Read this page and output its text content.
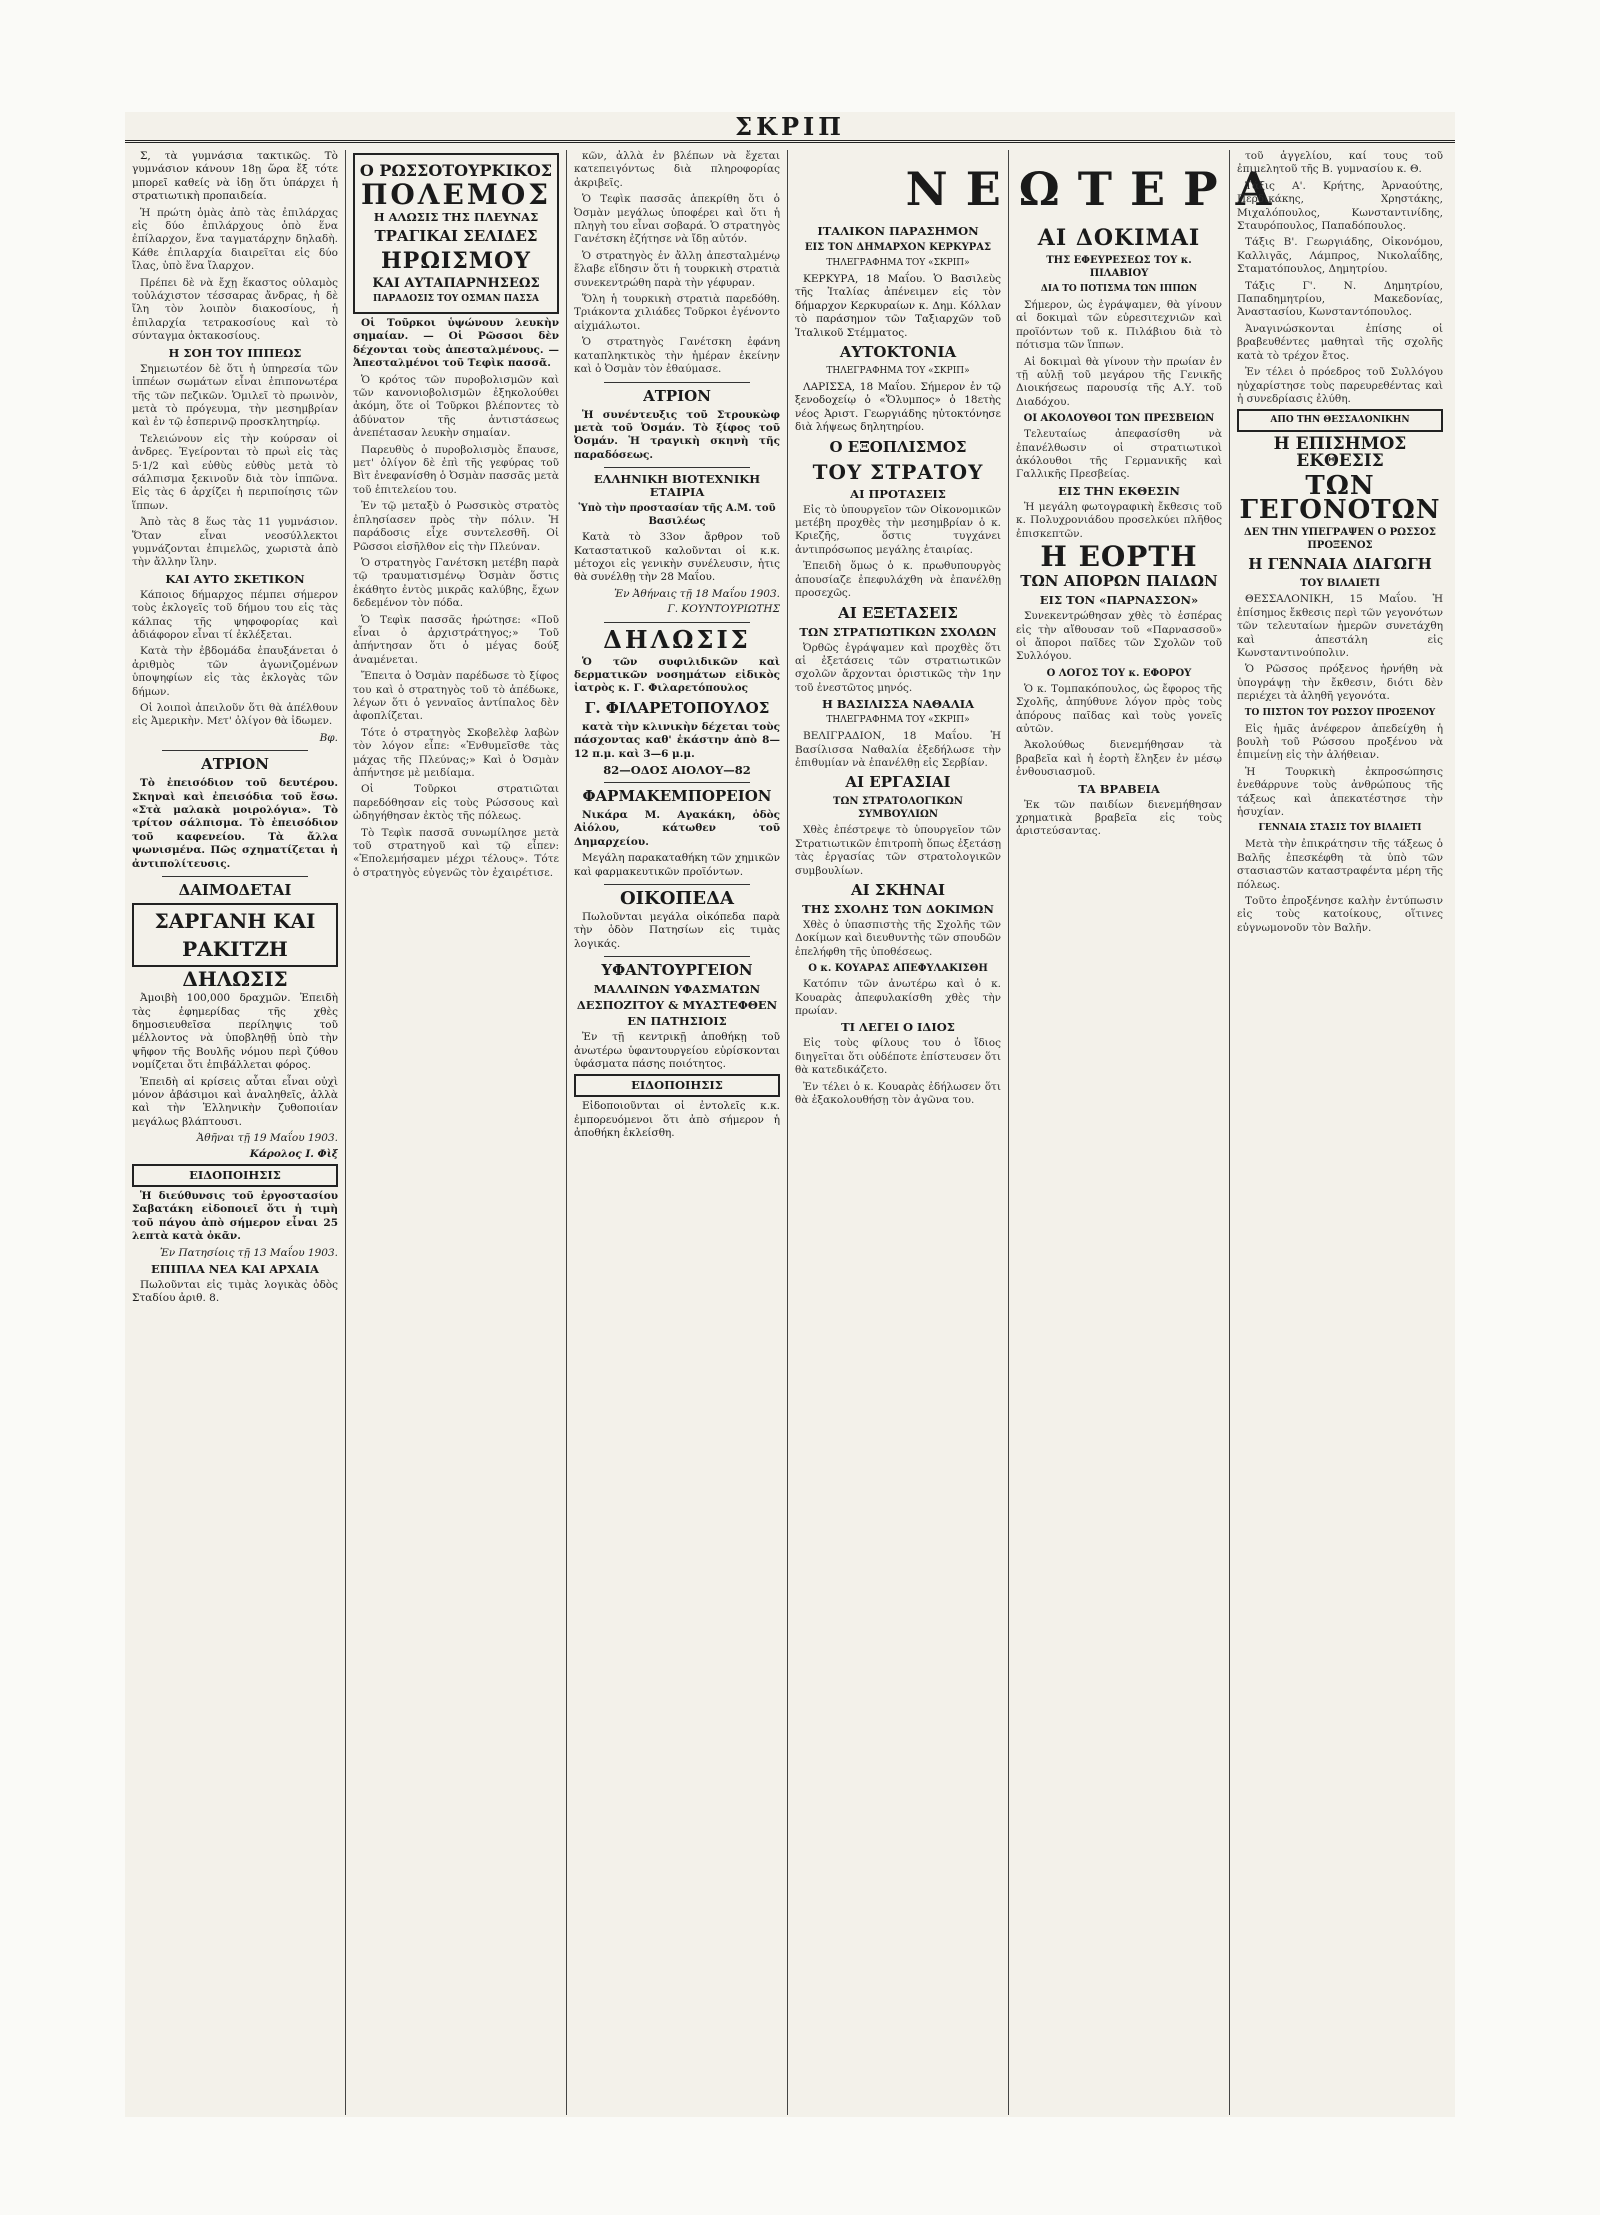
ΣΚΡΙΠ

Σ, τὰ γυμνάσια τακτικῶς. Τὸ γυμνάσιον κάνουν 18ῃ ὥρα ἔξ τότε μπορεῖ καθείς νὰ ἰδῃ ὅτι ὑπάρχει ἡ στρατιωτικὴ προπαιδεία.

Ἡ πρώτη ὁμὰς ἀπὸ τὰς ἐπιλάρχας εἰς δύο ἐπιλάρχους ὁπὸ ἕνα ἐπίλαρχον, ἕνα ταγματάρχην δηλαδὴ. Κάθε ἐπιλαρχία διαιρεῖται εἰς δύο ἴλας, ὑπὸ ἕνα ἴλαρχον.

Πρέπει δὲ νὰ ἔχῃ ἕκαστος οὐλαμὸς τοὐλάχιστον τέσσαρας ἄνδρας, ἡ δὲ ἴλη τὸν λοιπὸν διακοσίους, ἡ ἐπιλαρχία τετρακοσίους καὶ τὸ σύνταγμα ὀκτακοσίους.

Η ΣΟΗ ΤΟΥ ΙΠΠΕΩΣ

Σημειωτέον δὲ ὅτι ἡ ὑπηρεσία τῶν ἱππέων σωμάτων εἶναι ἐπιπονωτέρα τῆς τῶν πεζικῶν. Ὁμιλεῖ τὸ πρωινὸν, μετὰ τὸ πρόγευμα, τὴν μεσημβρίαν καὶ ἐν τῷ ἐσπερινῷ προσκλητηρίῳ.

Τελειώνουν εἰς τὴν κούρσαν οἱ ἀνδρες. Ἐγείρονται τὸ πρωὶ εἰς τὰς 5·1/2 καὶ εὐθὺς εὐθὺς μετὰ τὸ σάλπισμα ξεκινοῦν διὰ τὸν ἱππῶνα. Εἰς τὰς 6 ἀρχίζει ἡ περιποίησις τῶν ἵππων.

Ἀπὸ τὰς 8 ἕως τὰς 11 γυμνάσιον. Ὅταν εἶναι νεοσύλλεκτοι γυμνάζονται ἐπιμελῶς, χωριστὰ ἀπὸ τὴν ἄλλην ἴλην.

ΚΑΙ ΑΥΤΟ ΣΚΕΤΙΚΟΝ

Κάποιος δήμαρχος πέμπει σήμερον τοὺς ἐκλογεῖς τοῦ δήμου του εἰς τὰς κάλπας τῆς ψηφοφορίας καὶ ἀδιάφορον εἶναι τί ἐκλέξεται.

Κατὰ τὴν ἐβδομάδα ἐπαυξάνεται ὁ ἀριθμὸς τῶν ἀγωνιζομένων ὑποψηφίων εἰς τὰς ἐκλογὰς τῶν δήμων.

Οἱ λοιποὶ ἀπειλοῦν ὅτι θὰ ἀπέλθουν εἰς Ἀμερικὴν. Μετ' ὀλίγον θὰ ἰδωμεν.

Βφ.
ΑΤΡΙΟΝ

Τὸ ἐπεισόδιον τοῦ δευτέρου. Σκηναὶ καὶ ἐπεισόδια τοῦ ἔσω. «Στὰ μαλακὰ μοιρολόγια». Τὸ τρίτον σάλπισμα. Τὸ ἐπεισόδιον τοῦ καφενείου. Τὰ ἄλλα ψωνισμένα. Πῶς σχηματίζεται ἡ ἀντιπολίτευσις.

ΔΑΙΜΟΔΕΤΑΙ
ΣΑΡΓΑΝΗ ΚΑΙ ΡΑΚΙΤΖΗ
ΔΗΛΩΣΙΣ

Ἀμοιβὴ 100,000 δραχμῶν. Ἐπειδὴ τὰς ἐφημερίδας τῆς χθὲς δημοσιευθεῖσα περίληψις τοῦ μέλλοντος νὰ ὑποβληθῇ ὑπὸ τὴν ψῆφον τῆς Βουλῆς νόμου περὶ ζύθου νομίζεται ὅτι ἐπιβάλλεται φόρος.

Ἐπειδὴ αἱ κρίσεις αὗται εἶναι οὐχὶ μόνον ἀβάσιμοι καὶ ἀναληθεῖς, ἀλλὰ καὶ τὴν Ἑλληνικὴν ζυθοποιίαν μεγάλως βλάπτουσι.

Ἀθῆναι τῇ 19 Μαΐου 1903.
Κάρολος Ι. Φὶξ
ΕΙΔΟΠΟΙΗΣΙΣ

Ἡ διεύθυνσις τοῦ ἐργοστασίου Σαβατάκη εἰδοποιεῖ ὅτι ἡ τιμὴ τοῦ πάγου ἀπὸ σήμερον εἶναι 25 λεπτὰ κατὰ ὀκᾶν.

Ἐν Πατησίοις τῇ 13 Μαΐου 1903.
ΕΠΙΠΛΑ ΝΕΑ ΚΑΙ ΑΡΧΑΙΑ

Πωλοῦνται εἰς τιμὰς λογικὰς ὁδὸς Σταδίου ἀριθ. 8.

Ο ΡΩΣΣΟΤΟΥΡΚΙΚΟΣ
ΠΟΛΕΜΟΣ
Η ΑΛΩΣΙΣ ΤΗΣ ΠΛΕΥΝΑΣ
ΤΡΑΓΙΚΑΙ ΣΕΛΙΔΕΣ
ΗΡΩΙΣΜΟΥ
ΚΑΙ ΑΥΤΑΠΑΡΝΗΣΕΩΣ
ΠΑΡΑΔΟΣΙΣ ΤΟΥ ΟΣΜΑΝ ΠΑΣΣΑ

Οἱ Τοῦρκοι ὑψώνουν λευκὴν σημαίαν. — Οἱ Ρῶσσοι δὲν δέχονται τοὺς ἀπεσταλμένους. — Ἀπεσταλμένοι τοῦ Τεφὶκ πασσᾶ.

Ὁ κρότος τῶν πυροβολισμῶν καὶ τῶν κανονιοβολισμῶν ἐξηκολούθει ἀκόμη, ὅτε οἱ Τοῦρκοι βλέποντες τὸ ἀδύνατον τῆς ἀντιστάσεως ἀνεπέτασαν λευκὴν σημαίαν.

Παρευθὺς ὁ πυροβολισμὸς ἔπαυσε, μετ' ὀλίγον δὲ ἐπὶ τῆς γεφύρας τοῦ Βὶτ ἐνεφανίσθη ὁ Ὀσμὰν πασσᾶς μετὰ τοῦ ἐπιτελείου του.

Ἐν τῷ μεταξὺ ὁ Ρωσσικὸς στρατὸς ἐπλησίασεν πρὸς τὴν πόλιν. Ἡ παράδοσις εἶχε συντελεσθῆ. Οἱ Ρῶσσοι εἰσῆλθον εἰς τὴν Πλεύναν.

Ὁ στρατηγὸς Γανέτσκη μετέβη παρὰ τῷ τραυματισμένῳ Ὀσμὰν ὅστις ἐκάθητο ἐντὸς μικρᾶς καλύβης, ἔχων δεδεμένον τὸν πόδα.

Ὁ Τεφὶκ πασσᾶς ἠρώτησε: «Ποῦ εἶναι ὁ ἀρχιστράτηγος;» Τοῦ ἀπήντησαν ὅτι ὁ μέγας δούξ ἀναμένεται.

Ἔπειτα ὁ Ὀσμὰν παρέδωσε τὸ ξίφος του καὶ ὁ στρατηγὸς τοῦ τὸ ἀπέδωκε, λέγων ὅτι ὁ γενναῖος ἀντίπαλος δὲν ἀφοπλίζεται.

Τότε ὁ στρατηγὸς Σκοβελὲφ λαβὼν τὸν λόγον εἶπε: «Ἐνθυμεῖσθε τὰς μάχας τῆς Πλεύνας;» Καὶ ὁ Ὀσμὰν ἀπήντησε μὲ μειδίαμα.

Οἱ Τοῦρκοι στρατιῶται παρεδόθησαν εἰς τοὺς Ρώσσους καὶ ὡδηγήθησαν ἐκτὸς τῆς πόλεως.

Τὸ Τεφὶκ πασσᾶ συνωμίλησε μετὰ τοῦ στρατηγοῦ καὶ τῷ εἶπεν: «Ἐπολεμήσαμεν μέχρι τέλους». Τότε ὁ στρατηγὸς εὐγενῶς τὸν ἐχαιρέτισε.

κῶν, ἀλλὰ ἐν βλέπων νὰ ἔχεται κατεπειγόντως διὰ πληροφορίας ἀκριβεῖς.

Ὁ Τεφὶκ πασσᾶς ἀπεκρίθη ὅτι ὁ Ὀσμὰν μεγάλως ὑποφέρει καὶ ὅτι ἡ πληγὴ του εἶναι σοβαρά. Ὁ στρατηγὸς Γανέτσκη ἐζήτησε νὰ ἴδῃ αὐτόν.

Ὁ στρατηγὸς ἐν ἄλλῃ ἀπεσταλμένῳ ἔλαβε εἴδησιν ὅτι ἡ τουρκικὴ στρατιὰ συνεκεντρώθη παρὰ τὴν γέφυραν.

Ὅλη ἡ τουρκικὴ στρατιὰ παρεδόθη. Τριάκοντα χιλιάδες Τοῦρκοι ἐγένοντο αἰχμάλωτοι.

Ὁ στρατηγὸς Γανέτσκη ἐφάνη καταπληκτικὸς τὴν ἡμέραν ἐκείνην καὶ ὁ Ὀσμὰν τὸν ἐθαύμασε.

ΑΤΡΙΟΝ

Ἡ συνέντευξις τοῦ Στρουκὼφ μετὰ τοῦ Ὀσμάν. Τὸ ξίφος τοῦ Ὀσμάν. Ἡ τραγικὴ σκηνὴ τῆς παραδόσεως.

ΕΛΛΗΝΙΚΗ ΒΙΟΤΕΧΝΙΚΗ ΕΤΑΙΡΙΑ
Ὑπὸ τὴν προστασίαν τῆς Α.Μ. τοῦ Βασιλέως

Κατὰ τὸ 33ον ἄρθρον τοῦ Καταστατικοῦ καλοῦνται οἱ κ.κ. μέτοχοι εἰς γενικὴν συνέλευσιν, ἡτις θὰ συνέλθῃ τὴν 28 Μαΐου.

Ἐν Ἀθήναις τῇ 18 Μαΐου 1903.
Γ. ΚΟΥΝΤΟΥΡΙΩΤΗΣ
ΔΗΛΩΣΙΣ

Ὁ τῶν συφιλιδικῶν καὶ δερματικῶν νοσημάτων εἰδικὸς ἰατρὸς κ. Γ. Φιλαρετόπουλος

Γ. ΦΙΛΑΡΕΤΟΠΟΥΛΟΣ

κατὰ τὴν κλινικὴν δέχεται τοὺς πάσχοντας καθ' ἑκάστην ἀπὸ 8—12 π.μ. καὶ 3—6 μ.μ.

82—ΟΔΟΣ ΑΙΟΛΟΥ—82
ΦΑΡΜΑΚΕΜΠΟΡΕΙΟΝ

Νικάρα Μ. Αγακάκη, ὁδὸς Αἰόλου, κάτωθεν τοῦ Δημαρχείου.

Μεγάλη παρακαταθήκη τῶν χημικῶν καὶ φαρμακευτικῶν προϊόντων.

ΟΙΚΟΠΕΔΑ

Πωλοῦνται μεγάλα οἰκόπεδα παρὰ τὴν ὁδὸν Πατησίων εἰς τιμὰς λογικάς.

ΥΦΑΝΤΟΥΡΓΕΙΟΝ
ΜΑΛΛΙΝΩΝ ΥΦΑΣΜΑΤΩΝ
ΔΕΣΠΟΖΙΤΟΥ & ΜΥΑΣΤΕΦΘΕΝ
ΕΝ ΠΑΤΗΣΙΟΙΣ

Ἐν τῇ κεντρικῇ ἀποθήκῃ τοῦ ἀνωτέρω ὑφαντουργείου εὑρίσκονται ὑφάσματα πάσης ποιότητος.

ΕΙΔΟΠΟΙΗΣΙΣ

Εἰδοποιοῦνται οἱ ἐντολεῖς κ.κ. ἐμπορευόμενοι ὅτι ἀπὸ σήμερον ἡ ἀποθήκη ἐκλείσθη.

ΝΕΩΤΕΡΑ
ΙΤΑΛΙΚΟΝ ΠΑΡΑΣΗΜΟΝ
ΕΙΣ ΤΟΝ ΔΗΜΑΡΧΟΝ ΚΕΡΚΥΡΑΣ
ΤΗΛΕΓΡΑΦΗΜΑ ΤΟΥ «ΣΚΡΙΠ»

ΚΕΡΚΥΡΑ, 18 Μαΐου. Ὁ Βασιλεὺς τῆς Ἰταλίας ἀπένειμεν εἰς τὸν δήμαρχον Κερκυραίων κ. Δημ. Κόλλαν τὸ παράσημον τῶν Ταξιαρχῶν τοῦ Ἰταλικοῦ Στέμματος.

ΑΥΤΟΚΤΟΝΙΑ
ΤΗΛΕΓΡΑΦΗΜΑ ΤΟΥ «ΣΚΡΙΠ»

ΛΑΡΙΣΣΑ, 18 Μαΐου. Σήμερον ἐν τῷ ξενοδοχείῳ ὁ «Ὄλυμπος» ὁ 18ετὴς νέος Ἀριστ. Γεωργιάδης ηὐτοκτόνησε διὰ λήψεως δηλητηρίου.

Ο ΕΞΟΠΛΙΣΜΟΣ
ΤΟΥ ΣΤΡΑΤΟΥ
ΑΙ ΠΡΟΤΑΣΕΙΣ

Εἰς τὸ ὑπουργεῖον τῶν Οἰκονομικῶν μετέβη προχθὲς τὴν μεσημβρίαν ὁ κ. Κριεζῆς, ὅστις τυγχάνει ἀντιπρόσωπος μεγάλης ἐταιρίας.

Ἐπειδὴ ὅμως ὁ κ. πρωθυπουργὸς ἀπουσίαζε ἐπεφυλάχθη νὰ ἐπανέλθῃ προσεχῶς.

ΑΙ ΕΞΕΤΑΣΕΙΣ
ΤΩΝ ΣΤΡΑΤΙΩΤΙΚΩΝ ΣΧΟΛΩΝ

Ὀρθῶς ἐγράψαμεν καὶ προχθὲς ὅτι αἱ ἐξετάσεις τῶν στρατιωτικῶν σχολῶν ἄρχονται ὁριστικῶς τὴν 1ην τοῦ ἐνεστῶτος μηνός.

Η ΒΑΣΙΛΙΣΣΑ ΝΑΘΑΛΙΑ
ΤΗΛΕΓΡΑΦΗΜΑ ΤΟΥ «ΣΚΡΙΠ»

ΒΕΛΙΓΡΑΔΙΟΝ, 18 Μαΐου. Ἡ Βασίλισσα Ναθαλία ἐξεδήλωσε τὴν ἐπιθυμίαν νὰ ἐπανέλθῃ εἰς Σερβίαν.

ΑΙ ΕΡΓΑΣΙΑΙ
ΤΩΝ ΣΤΡΑΤΟΛΟΓΙΚΩΝ ΣΥΜΒΟΥΛΙΩΝ

Χθὲς ἐπέστρεψε τὸ ὑπουργεῖον τῶν Στρατιωτικῶν ἐπιτροπὴ ὅπως ἐξετάσῃ τὰς ἐργασίας τῶν στρατολογικῶν συμβουλίων.

ΑΙ ΣΚΗΝΑΙ
ΤΗΣ ΣΧΟΛΗΣ ΤΩΝ ΔΟΚΙΜΩΝ

Χθὲς ὁ ὑπασπιστὴς τῆς Σχολῆς τῶν Δοκίμων καὶ διευθυντὴς τῶν σπουδῶν ἐπελήφθη τῆς ὑποθέσεως.

Ο κ. ΚΟΥΑΡΑΣ ΑΠΕΦΥΛΑΚΙΣΘΗ

Κατόπιν τῶν ἀνωτέρω καὶ ὁ κ. Κουαρὰς ἀπεφυλακίσθη χθὲς τὴν πρωίαν.

ΤΙ ΛΕΓΕΙ Ο ΙΔΙΟΣ

Εἰς τοὺς φίλους του ὁ ἴδιος διηγεῖται ὅτι οὐδέποτε ἐπίστευσεν ὅτι θὰ κατεδικάζετο.

Ἐν τέλει ὁ κ. Κουαρὰς ἐδήλωσεν ὅτι θὰ ἐξακολουθήσῃ τὸν ἀγῶνα του.

ΑΙ ΔΟΚΙΜΑΙ
ΤΗΣ ΕΦΕΥΡΕΣΕΩΣ ΤΟΥ κ. ΠΙΛΑΒΙΟΥ
ΔΙΑ ΤΟ ΠΟΤΙΣΜΑ ΤΩΝ ΙΠΠΩΝ

Σήμερον, ὡς ἐγράψαμεν, θὰ γίνουν αἱ δοκιμαὶ τῶν εὐρεσιτεχνιῶν καὶ προϊόντων τοῦ κ. Πιλάβιου διὰ τὸ πότισμα τῶν ἵππων.

Αἱ δοκιμαὶ θὰ γίνουν τὴν πρωίαν ἐν τῇ αὐλῇ τοῦ μεγάρου τῆς Γενικῆς Διοικήσεως παρουσίᾳ τῆς Α.Υ. τοῦ Διαδόχου.

ΟΙ ΑΚΟΛΟΥΘΟΙ ΤΩΝ ΠΡΕΣΒΕΙΩΝ

Τελευταίως ἀπεφασίσθη νὰ ἐπανέλθωσιν οἱ στρατιωτικοὶ ἀκόλουθοι τῆς Γερμανικῆς καὶ Γαλλικῆς Πρεσβείας.

ΕΙΣ ΤΗΝ ΕΚΘΕΣΙΝ

Ἡ μεγάλη φωτογραφικὴ ἔκθεσις τοῦ κ. Πολυχρονιάδου προσελκύει πλῆθος ἐπισκεπτῶν.

Η ΕΟΡΤΗ
ΤΩΝ ΑΠΟΡΩΝ ΠΑΙΔΩΝ
ΕΙΣ ΤΟΝ «ΠΑΡΝΑΣΣΟΝ»

Συνεκεντρώθησαν χθὲς τὸ ἑσπέρας εἰς τὴν αἴθουσαν τοῦ «Παρνασσοῦ» οἱ ἄποροι παῖδες τῶν Σχολῶν τοῦ Συλλόγου.

Ο ΛΟΓΟΣ ΤΟΥ κ. ΕΦΟΡΟΥ

Ὁ κ. Τομπακόπουλος, ὡς ἔφορος τῆς Σχολῆς, ἀπηύθυνε λόγον πρὸς τοὺς ἀπόρους παῖδας καὶ τοὺς γονεῖς αὐτῶν.

Ἀκολούθως διενεμήθησαν τὰ βραβεῖα καὶ ἡ ἑορτὴ ἔληξεν ἐν μέσῳ ἐνθουσιασμοῦ.

ΤΑ ΒΡΑΒΕΙΑ

Ἐκ τῶν παιδίων διενεμήθησαν χρηματικὰ βραβεῖα εἰς τοὺς ἀριστεύσαντας.

τοῦ ἀγγελίου, καί τους τοῦ ἐπιμελητοῦ τῆς Β. γυμνασίου κ. Θ.

Τάξις Α'. Κρήτης, Ἀρναούτης, Περδικάκης, Χρηστάκης, Μιχαλόπουλος, Κωνσταντινίδης, Σταυρόπουλος, Παπαδόπουλος.

Τάξις Β'. Γεωργιάδης, Οἰκονόμου, Καλλιγᾶς, Λάμπρος, Νικολαΐδης, Σταματόπουλος, Δημητρίου.

Τάξις Γ'. Ν. Δημητρίου, Παπαδημητρίου, Μακεδονίας, Ἀναστασίου, Κωνσταντόπουλος.

Ἀναγινώσκονται ἐπίσης οἱ βραβευθέντες μαθηταὶ τῆς σχολῆς κατὰ τὸ τρέχον ἔτος.

Ἐν τέλει ὁ πρόεδρος τοῦ Συλλόγου ηὐχαρίστησε τοὺς παρευρεθέντας καὶ ἡ συνεδρίασις ἐλύθη.

ΑΠΟ ΤΗΝ ΘΕΣΣΑΛΟΝΙΚΗΝ
Η ΕΠΙΣΗΜΟΣ ΕΚΘΕΣΙΣ
ΤΩΝ ΓΕΓΟΝΟΤΩΝ
ΔΕΝ ΤΗΝ ΥΠΕΓΡΑΨΕΝ Ο ΡΩΣΣΟΣ ΠΡΟΞΕΝΟΣ
Η ΓΕΝΝΑΙΑ ΔΙΑΓΩΓΗ
ΤΟΥ ΒΙΛΑΙΕΤΙ

ΘΕΣΣΑΛΟΝΙΚΗ, 15 Μαΐου. Ἡ ἐπίσημος ἔκθεσις περὶ τῶν γεγονότων τῶν τελευταίων ἡμερῶν συνετάχθη καὶ ἀπεστάλη εἰς Κωνσταντινούπολιν.

Ὁ Ρῶσσος πρόξενος ἠρνήθη νὰ ὑπογράψῃ τὴν ἔκθεσιν, διότι δὲν περιέχει τὰ ἀληθῆ γεγονότα.

ΤΟ ΠΙΣΤΟΝ ΤΟΥ ΡΩΣΣΟΥ ΠΡΟΞΕΝΟΥ

Εἰς ἡμᾶς ἀνέφερον ἀπεδείχθη ἡ βουλὴ τοῦ Ρώσσου προξένου νὰ ἐπιμείνῃ εἰς τὴν ἀλήθειαν.

Ἡ Τουρκικὴ ἐκπροσώπησις ἐνεθάρρυνε τοὺς ἀνθρώπους τῆς τάξεως καὶ ἀπεκατέστησε τὴν ἡσυχίαν.

ΓΕΝΝΑΙΑ ΣΤΑΣΙΣ ΤΟΥ ΒΙΛΑΙΕΤΙ

Μετὰ τὴν ἐπικράτησιν τῆς τάξεως ὁ Βαλῆς ἐπεσκέφθη τὰ ὑπὸ τῶν στασιαστῶν καταστραφέντα μέρη τῆς πόλεως.

Τοῦτο ἐπροξένησε καλὴν ἐντύπωσιν εἰς τοὺς κατοίκους, οἵτινες εὐγνωμονοῦν τὸν Βαλῆν.
